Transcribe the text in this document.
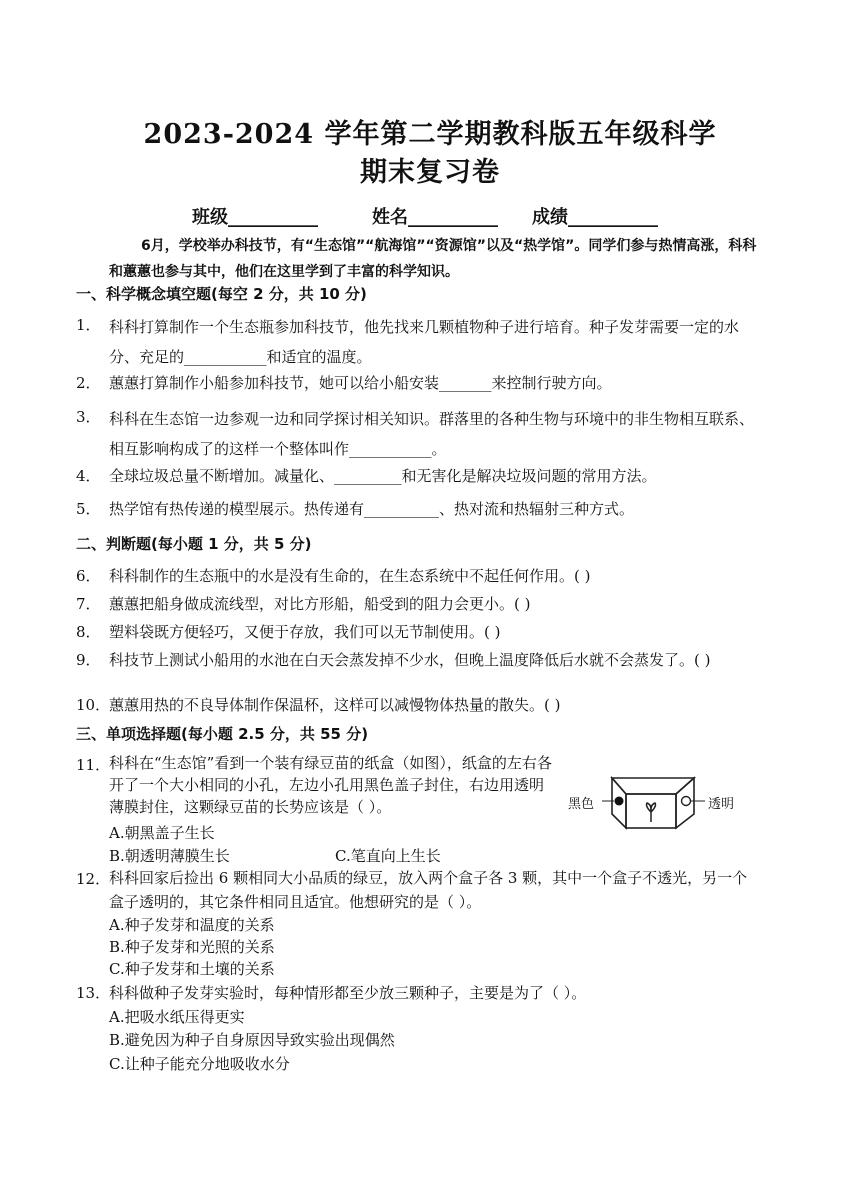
2023-2024 学年第二学期教科版五年级科学
期末复习卷
班级__________	姓名__________ 成绩__________
6月，学校举办科技节，有“生态馆”“航海馆”“资源馆”以及“热学馆”。同学们参与热情高涨，科科和蕙蕙也参与其中，他们在这里学到了丰富的科学知识。
一、科学概念填空题(每空 2 分，共 10 分)
1． 科科打算制作一个生态瓶参加科技节，他先找来几颗植物种子进行培育。种子发芽需要一定的水分、充足的___________和适宜的温度。
2． 蕙蕙打算制作小船参加科技节，她可以给小船安装_______来控制行驶方向。
3． 科科在生态馆一边参观一边和同学探讨相关知识。群落里的各种生物与环境中的非生物相互联系、相互影响构成了的这样一个整体叫作___________。
4． 全球垃圾总量不断增加。减量化、_________和无害化是解决垃圾问题的常用方法。
5． 热学馆有热传递的模型展示。热传递有__________、热对流和热辐射三种方式。
二、判断题(每小题 1 分，共 5 分)
6． 科科制作的生态瓶中的水是没有生命的，在生态系统中不起任何作用。( )
7． 蕙蕙把船身做成流线型，对比方形船，船受到的阻力会更小。( )
8． 塑料袋既方便轻巧，又便于存放，我们可以无节制使用。( )
9． 科技节上测试小船用的水池在白天会蒸发掉不少水，但晚上温度降低后水就不会蒸发了。( )
10．
蕙蕙用热的不良导体制作保温杯，这样可以减慢物体热量的散失。( )
三、单项选择题(每小题 2.5 分，共 55 分)
11．
科科在“生态馆”看到一个装有绿豆苗的纸盒（如图），纸盒的左右各开了一个大小相同的小孔，左边小孔用黑色盖子封住，右边用透明薄膜封住，这颗绿豆苗的长势应该是（ ）。
A.朝黑盖子生长
B.朝透明薄膜生长	C.笔直向上生长
黑色	透明
12．
科科回家后捡出 6 颗相同大小品质的绿豆，放入两个盒子各 3 颗，其中一个盒子不透光，另一个盒子透明的，其它条件相同且适宜。他想研究的是（ ）。
A.种子发芽和温度的关系
B.种子发芽和光照的关系
C.种子发芽和土壤的关系
13．
科科做种子发芽实验时，每种情形都至少放三颗种子，主要是为了（ ）。
A.把吸水纸压得更实
B.避免因为种子自身原因导致实验出现偶然
C.让种子能充分地吸收水分
